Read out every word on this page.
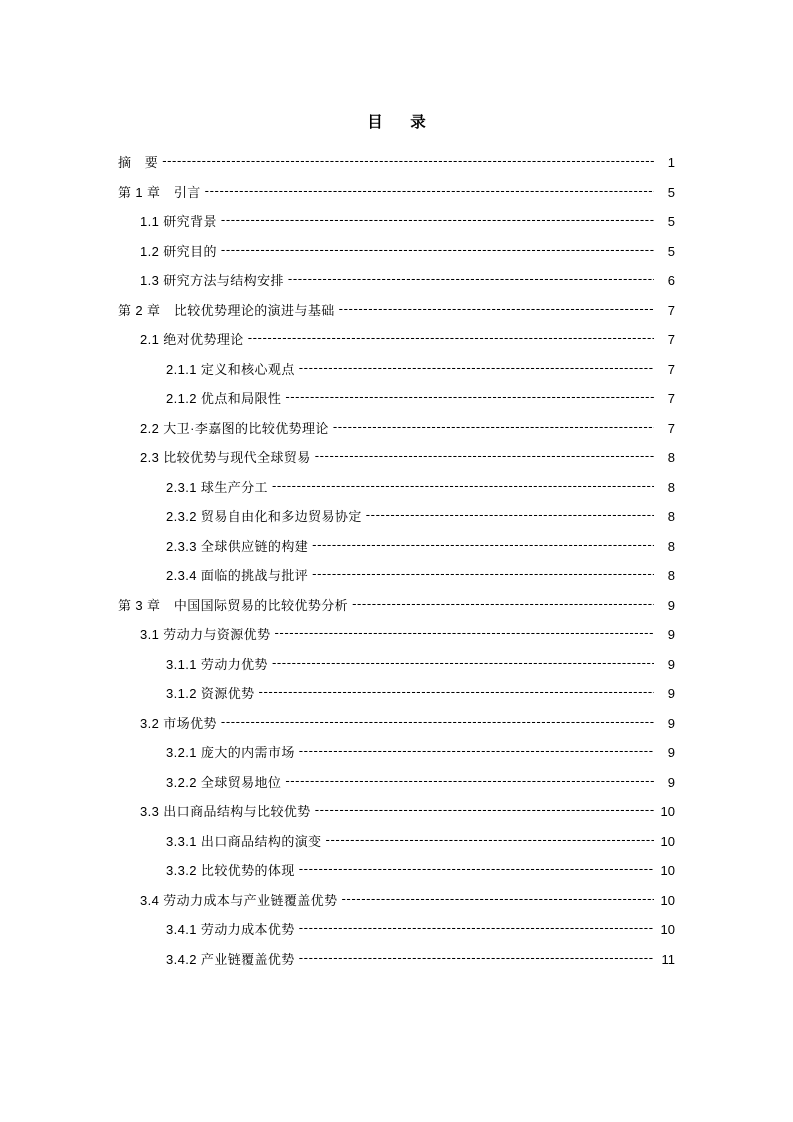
目　录
摘　要 -----	1
第 1 章　引言 -----	5
1.1 研究背景 -----	5
1.2 研究目的 -----	5
1.3 研究方法与结构安排 -----	6
第 2 章　比较优势理论的演进与基础 -----	7
2.1 绝对优势理论 -----	7
2.1.1 定义和核心观点 -----	7
2.1.2 优点和局限性 -----	7
2.2 大卫·李嘉图的比较优势理论 -----	7
2.3 比较优势与现代全球贸易 -----	8
2.3.1 球生产分工 -----	8
2.3.2 贸易自由化和多边贸易协定 -----	8
2.3.3 全球供应链的构建 -----	8
2.3.4 面临的挑战与批评 -----	8
第 3 章　中国国际贸易的比较优势分析 -----	9
3.1 劳动力与资源优势 -----	9
3.1.1 劳动力优势 -----	9
3.1.2 资源优势 -----	9
3.2 市场优势 -----	9
3.2.1 庞大的内需市场 -----	9
3.2.2 全球贸易地位 -----	9
3.3 出口商品结构与比较优势 -----	10
3.3.1 出口商品结构的演变 -----	10
3.3.2 比较优势的体现 -----	10
3.4 劳动力成本与产业链覆盖优势 -----	10
3.4.1 劳动力成本优势 -----	10
3.4.2 产业链覆盖优势 -----	11
